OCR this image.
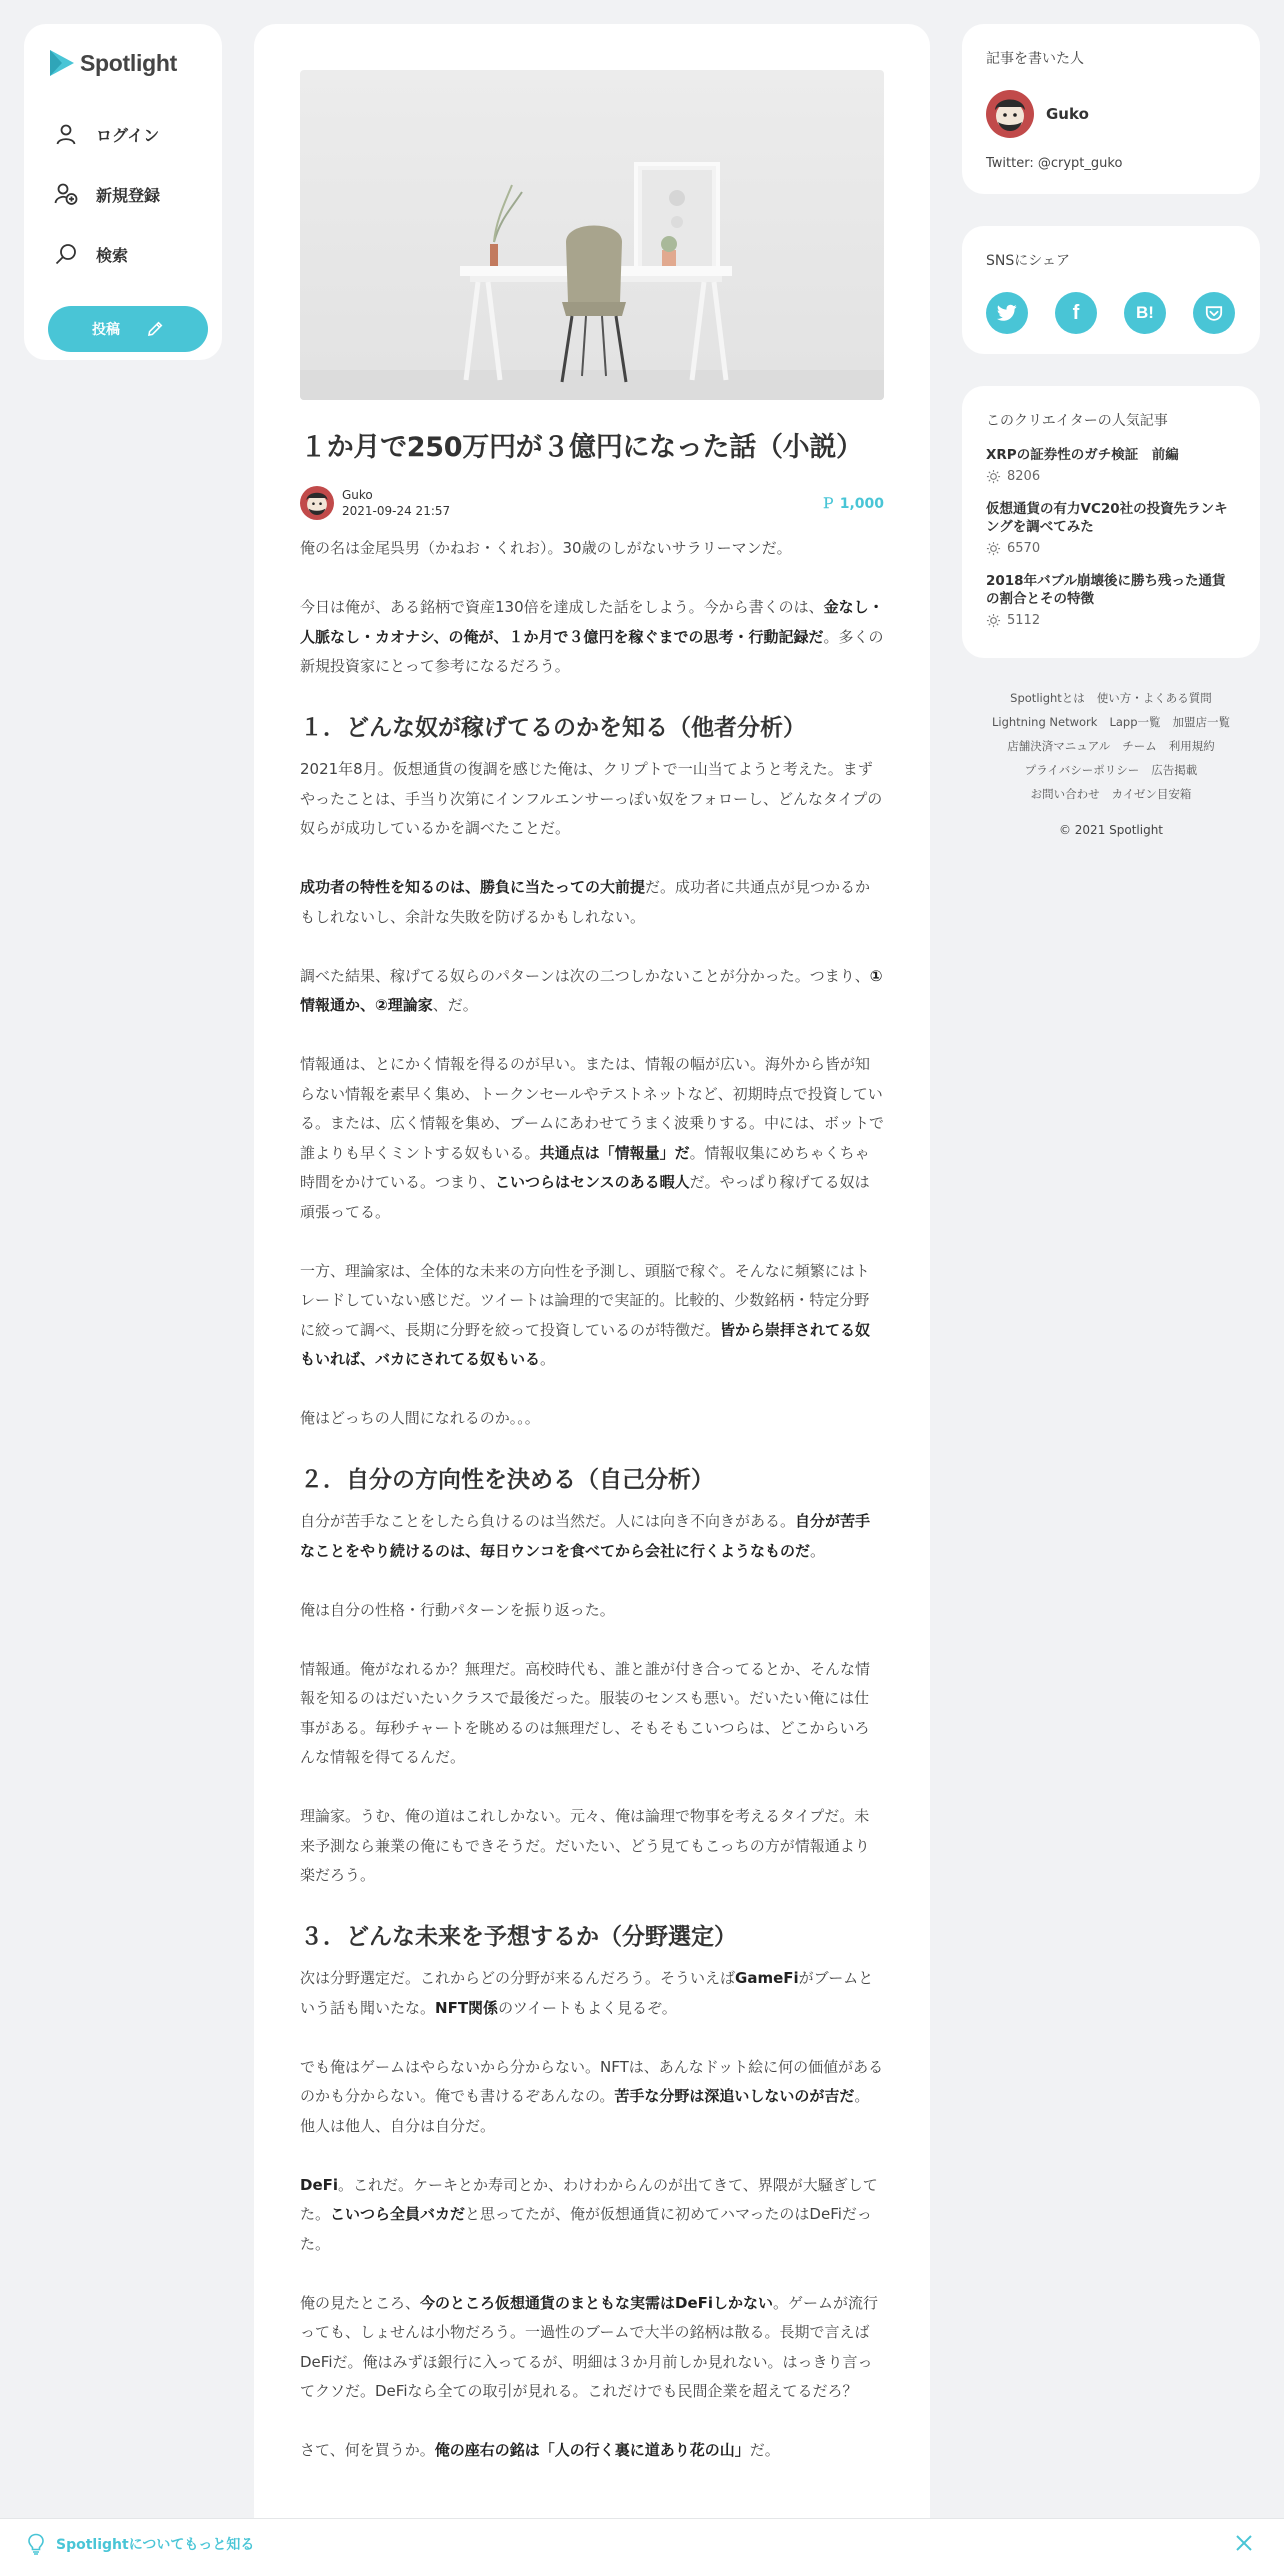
Spotlight
ログイン
新規登録
検索
投稿
１か月で250万円が３億円になった話（小説）
Guko
2021-09-24 21:57	Ｐ 1,000

俺の名は金尾呉男（かねお・くれお）。30歳のしがないサラリーマンだ。

今日は俺が、ある銘柄で資産130倍を達成した話をしよう。今から書くのは、金なし・人脈なし・カオナシ、の俺が、１か月で３億円を稼ぐまでの思考・行動記録だ。多くの新規投資家にとって参考になるだろう。

１．どんな奴が稼げてるのかを知る（他者分析）

2021年8月。仮想通貨の復調を感じた俺は、クリプトで一山当てようと考えた。まずやったことは、手当り次第にインフルエンサーっぽい奴をフォローし、どんなタイプの奴らが成功しているかを調べたことだ。

成功者の特性を知るのは、勝負に当たっての大前提だ。成功者に共通点が見つかるかもしれないし、余計な失敗を防げるかもしれない。

調べた結果、稼げてる奴らのパターンは次の二つしかないことが分かった。つまり、①情報通か、②理論家、だ。

情報通は、とにかく情報を得るのが早い。または、情報の幅が広い。海外から皆が知らない情報を素早く集め、トークンセールやテストネットなど、初期時点で投資している。または、広く情報を集め、ブームにあわせてうまく波乗りする。中には、ボットで誰よりも早くミントする奴もいる。共通点は「情報量」だ。情報収集にめちゃくちゃ時間をかけている。つまり、こいつらはセンスのある暇人だ。やっぱり稼げてる奴は頑張ってる。

一方、理論家は、全体的な未来の方向性を予測し、頭脳で稼ぐ。そんなに頻繁にはトレードしていない感じだ。ツイートは論理的で実証的。比較的、少数銘柄・特定分野に絞って調べ、長期に分野を絞って投資しているのが特徴だ。皆から崇拝されてる奴もいれば、バカにされてる奴もいる。

俺はどっちの人間になれるのか。。。

２．自分の方向性を決める（自己分析）

自分が苦手なことをしたら負けるのは当然だ。人には向き不向きがある。自分が苦手なことをやり続けるのは、毎日ウンコを食べてから会社に行くようなものだ。

俺は自分の性格・行動パターンを振り返った。

情報通。俺がなれるか？無理だ。高校時代も、誰と誰が付き合ってるとか、そんな情報を知るのはだいたいクラスで最後だった。服装のセンスも悪い。だいたい俺には仕事がある。毎秒チャートを眺めるのは無理だし、そもそもこいつらは、どこからいろんな情報を得てるんだ。

理論家。うむ、俺の道はこれしかない。元々、俺は論理で物事を考えるタイプだ。未来予測なら兼業の俺にもできそうだ。だいたい、どう見てもこっちの方が情報通より楽だろう。

３．どんな未来を予想するか（分野選定）

次は分野選定だ。これからどの分野が来るんだろう。そういえばGameFiがブームという話も聞いたな。NFT関係のツイートもよく見るぞ。

でも俺はゲームはやらないから分からない。NFTは、あんなドット絵に何の価値があるのかも分からない。俺でも書けるぞあんなの。苦手な分野は深追いしないのが吉だ。他人は他人、自分は自分だ。

DeFi。これだ。ケーキとか寿司とか、わけわからんのが出てきて、界隈が大騒ぎしてた。こいつら全員バカだと思ってたが、俺が仮想通貨に初めてハマったのはDeFiだった。

俺の見たところ、今のところ仮想通貨のまともな実需はDeFiしかない。ゲームが流行っても、しょせんは小物だろう。一過性のブームで大半の銘柄は散る。長期で言えばDeFiだ。俺はみずほ銀行に入ってるが、明細は３か月前しか見れない。はっきり言ってクソだ。DeFiなら全ての取引が見れる。これだけでも民間企業を超えてるだろ？

さて、何を買うか。俺の座右の銘は「人の行く裏に道あり花の山」だ。

記事を書いた人
Guko
Twitter: @crypt_guko
SNSにシェア
f	B!
このクリエイターの人気記事
XRPの証券性のガチ検証　前編
8206
仮想通貨の有力VC20社の投資先ランキングを調べてみた
6570
2018年バブル崩壊後に勝ち残った通貨の割合とその特徴
5112
Spotlightとは 使い方・よくある質問
Lightning Network Lapp一覧 加盟店一覧
店舗決済マニュアル チーム 利用規約
プライバシーポリシー 広告掲載
お問い合わせ カイゼン目安箱
© 2021 Spotlight
Spotlightについてもっと知る
